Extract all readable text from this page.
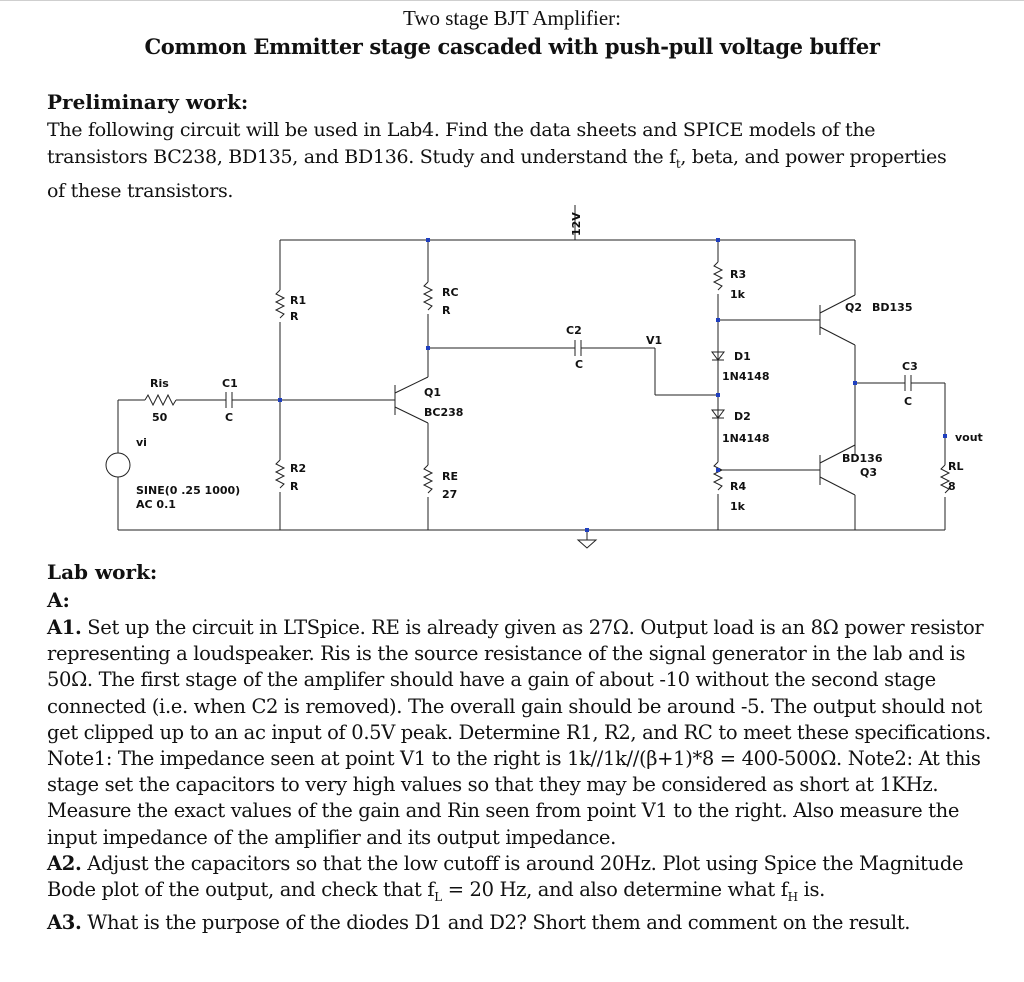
Two stage BJT Amplifier:
Common Emmitter stage cascaded with push-pull voltage buffer
Preliminary work:
The following circuit will be used in Lab4. Find the data sheets and SPICE models of the transistors BC238, BD135, and BD136. Study and understand the $f_t$, beta, and power properties of these transistors.
12V
Ris
50
C1
C
vi
SINE(0 .25 1000)
AC 0.1
R1
R
R2
R
RC
R
RE
27
Q1
BC238
C2
C
V1
R3
1k
D1
1N4148
D2
1N4148
R4
1k
Q2 BD135
BD136
Q3
C3
C
RL
8
vout
Lab work:
A:

A1. Set up the circuit in LTSpice. RE is already given as 27Ω. Output load is an 8Ω power resistor representing a loudspeaker. Ris is the source resistance of the signal generator in the lab and is 50Ω. The first stage of the amplifer should have a gain of about -10 without the second stage connected (i.e. when C2 is removed). The overall gain should be around -5. The output should not get clipped up to an ac input of 0.5V peak. Determine R1, R2, and RC to meet these specifications. Note1: The impedance seen at point V1 to the right is 1k//1k//(β+1)*8 = 400-500Ω. Note2: At this stage set the capacitors to very high values so that they may be considered as short at 1KHz. Measure the exact values of the gain and Rin seen from point V1 to the right. Also measure the input impedance of the amplifier and its output impedance.

A2. Adjust the capacitors so that the low cutoff is around 20Hz. Plot using Spice the Magnitude Bode plot of the output, and check that $f_L = 20$ Hz, and also determine what $f_H$ is.

A3. What is the purpose of the diodes D1 and D2? Short them and comment on the result.
